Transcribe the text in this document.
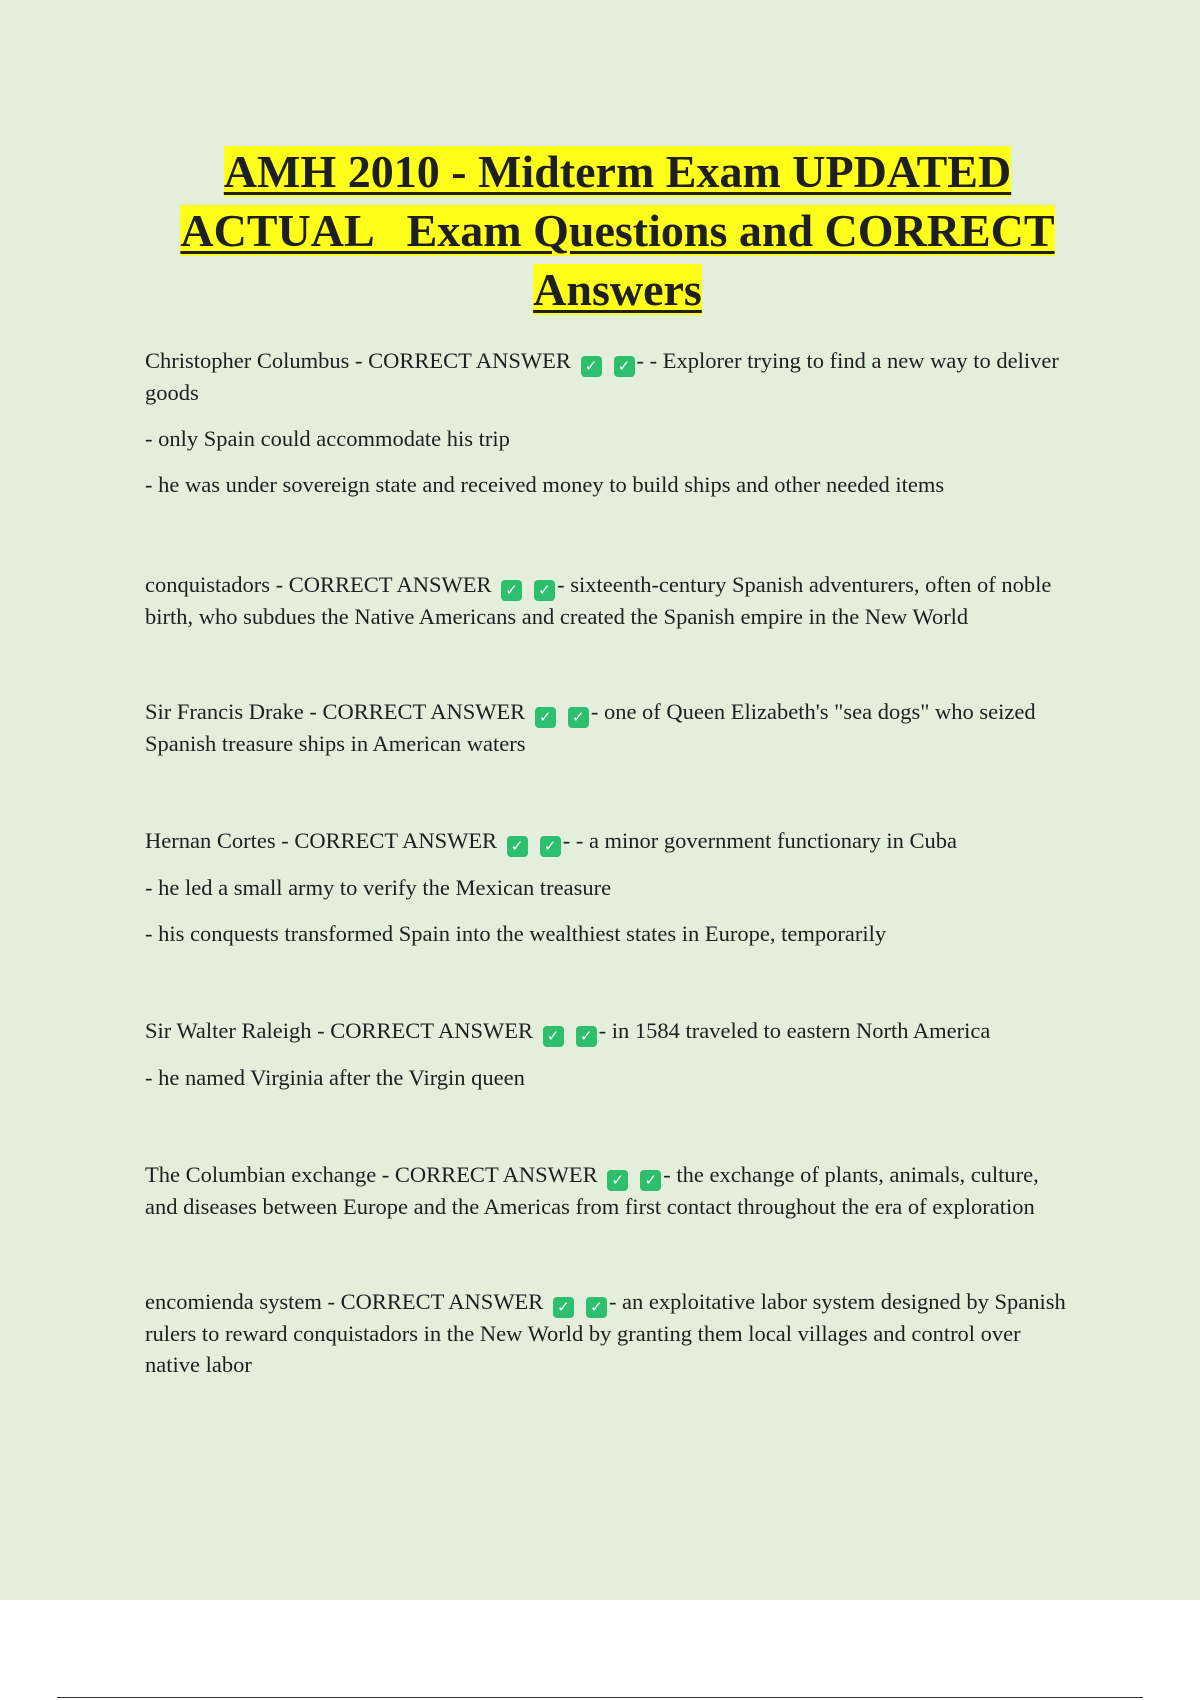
AMH 2010 - Midterm Exam UPDATED
ACTUAL   Exam Questions and CORRECT
Answers

Christopher Columbus - CORRECT ANSWER ✓ ✓ - - Explorer trying to find a new way to deliver goods

- only Spain could accommodate his trip

- he was under sovereign state and received money to build ships and other needed items

conquistadors - CORRECT ANSWER ✓ ✓ - sixteenth-century Spanish adventurers, often of noble birth, who subdues the Native Americans and created the Spanish empire in the New World

Sir Francis Drake - CORRECT ANSWER ✓ ✓ - one of Queen Elizabeth's "sea dogs" who seized Spanish treasure ships in American waters

Hernan Cortes - CORRECT ANSWER ✓ ✓ - - a minor government functionary in Cuba

- he led a small army to verify the Mexican treasure

- his conquests transformed Spain into the wealthiest states in Europe, temporarily

Sir Walter Raleigh - CORRECT ANSWER ✓ ✓ - in 1584 traveled to eastern North America

- he named Virginia after the Virgin queen

The Columbian exchange - CORRECT ANSWER ✓ ✓ - the exchange of plants, animals, culture, and diseases between Europe and the Americas from first contact throughout the era of exploration

encomienda system - CORRECT ANSWER ✓ ✓ - an exploitative labor system designed by Spanish rulers to reward conquistadors in the New World by granting them local villages and control over native labor
